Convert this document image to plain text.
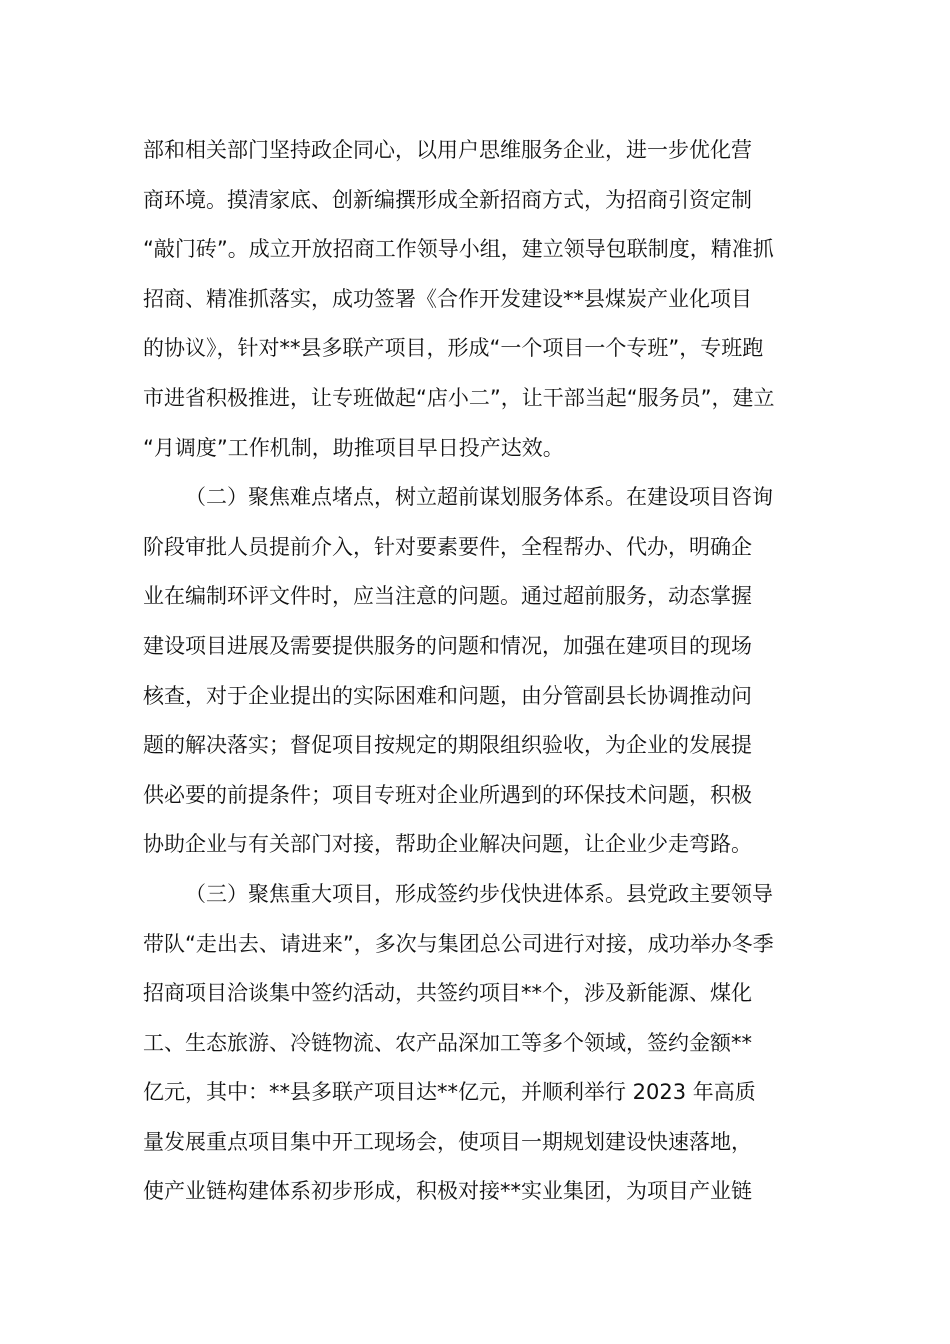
部和相关部门坚持政企同心，以用户思维服务企业，进一步优化营
商环境。摸清家底、创新编撰形成全新招商方式，为招商引资定制
“敲门砖”。成立开放招商工作领导小组，建立领导包联制度，精准抓
招商、精准抓落实，成功签署《合作开发建设**县煤炭产业化项目
的协议》，针对**县多联产项目，形成“一个项目一个专班”，专班跑
市进省积极推进，让专班做起“店小二”，让干部当起“服务员”，建立
“月调度”工作机制，助推项目早日投产达效。
（二）聚焦难点堵点，树立超前谋划服务体系。在建设项目咨询
阶段审批人员提前介入，针对要素要件，全程帮办、代办，明确企
业在编制环评文件时，应当注意的问题。通过超前服务，动态掌握
建设项目进展及需要提供服务的问题和情况，加强在建项目的现场
核查，对于企业提出的实际困难和问题，由分管副县长协调推动问
题的解决落实；督促项目按规定的期限组织验收，为企业的发展提
供必要的前提条件；项目专班对企业所遇到的环保技术问题，积极
协助企业与有关部门对接，帮助企业解决问题，让企业少走弯路。
（三）聚焦重大项目，形成签约步伐快进体系。县党政主要领导
带队“走出去、请进来”，多次与集团总公司进行对接，成功举办冬季
招商项目洽谈集中签约活动，共签约项目**个，涉及新能源、煤化
工、生态旅游、冷链物流、农产品深加工等多个领域，签约金额**
亿元，其中：**县多联产项目达**亿元，并顺利举行 2023 年高质
量发展重点项目集中开工现场会，使项目一期规划建设快速落地，
使产业链构建体系初步形成，积极对接**实业集团，为项目产业链
